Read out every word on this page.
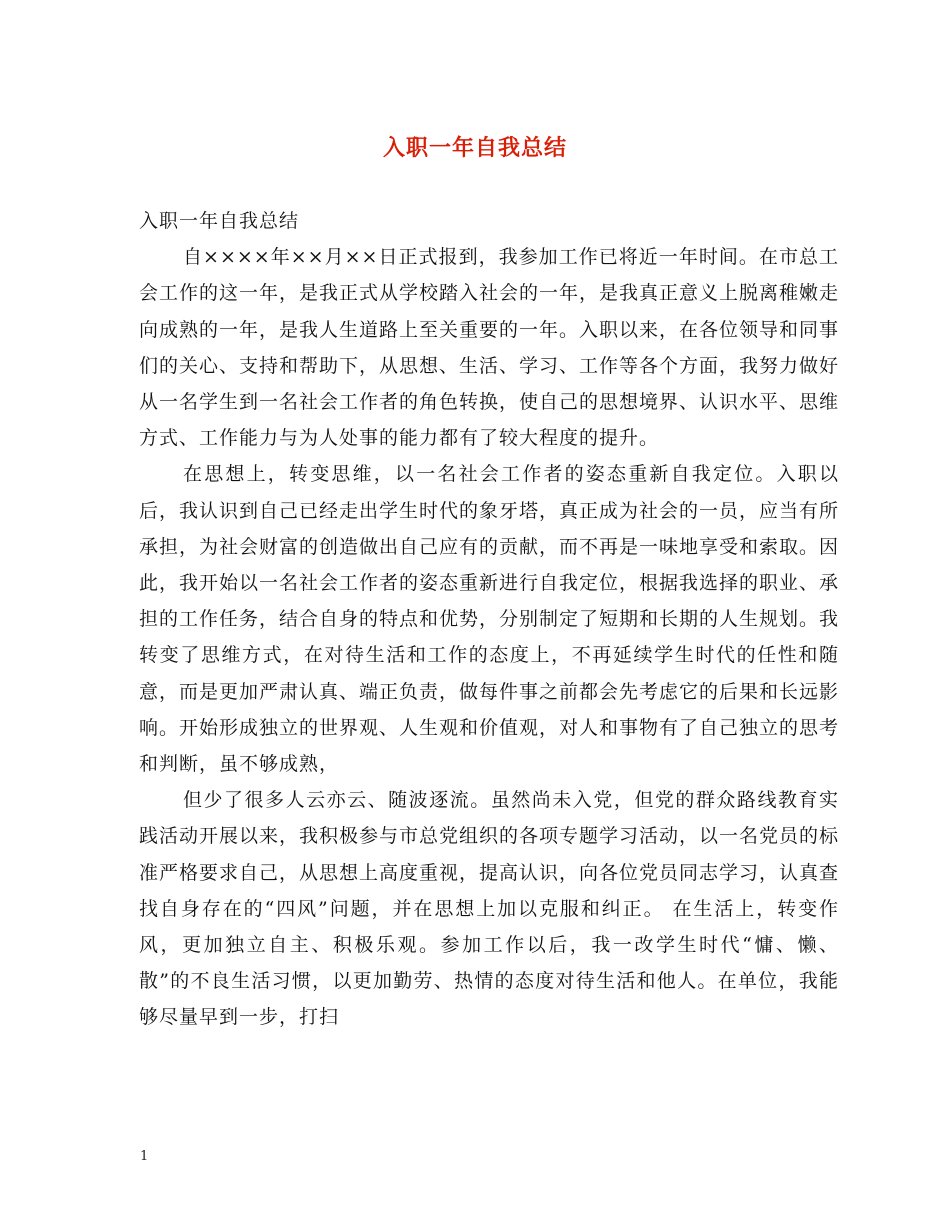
入职一年自我总结

入职一年自我总结

自××××年××月××日正式报到，我参加工作已将近一年时间。在市总工会工作的这一年，是我正式从学校踏入社会的一年，是我真正意义上脱离稚嫩走向成熟的一年，是我人生道路上至关重要的一年。入职以来，在各位领导和同事们的关心、支持和帮助下，从思想、生活、学习、工作等各个方面，我努力做好从一名学生到一名社会工作者的角色转换，使自己的思想境界、认识水平、思维方式、工作能力与为人处事的能力都有了较大程度的提升。

在思想上，转变思维，以一名社会工作者的姿态重新自我定位。入职以后，我认识到自己已经走出学生时代的象牙塔，真正成为社会的一员，应当有所承担，为社会财富的创造做出自己应有的贡献，而不再是一味地享受和索取。因此，我开始以一名社会工作者的姿态重新进行自我定位，根据我选择的职业、承担的工作任务，结合自身的特点和优势，分别制定了短期和长期的人生规划。我转变了思维方式，在对待生活和工作的态度上，不再延续学生时代的任性和随意，而是更加严肃认真、端正负责，做每件事之前都会先考虑它的后果和长远影响。开始形成独立的世界观、人生观和价值观，对人和事物有了自己独立的思考和判断，虽不够成熟，

但少了很多人云亦云、随波逐流。虽然尚未入党，但党的群众路线教育实践活动开展以来，我积极参与市总党组织的各项专题学习活动，以一名党员的标准严格要求自己，从思想上高度重视，提高认识，向各位党员同志学习，认真查找自身存在的“四风”问题，并在思想上加以克服和纠正。 在生活上，转变作风，更加独立自主、积极乐观。参加工作以后，我一改学生时代“慵、懒、散”的不良生活习惯，以更加勤劳、热情的态度对待生活和他人。在单位，我能够尽量早到一步，打扫

1
